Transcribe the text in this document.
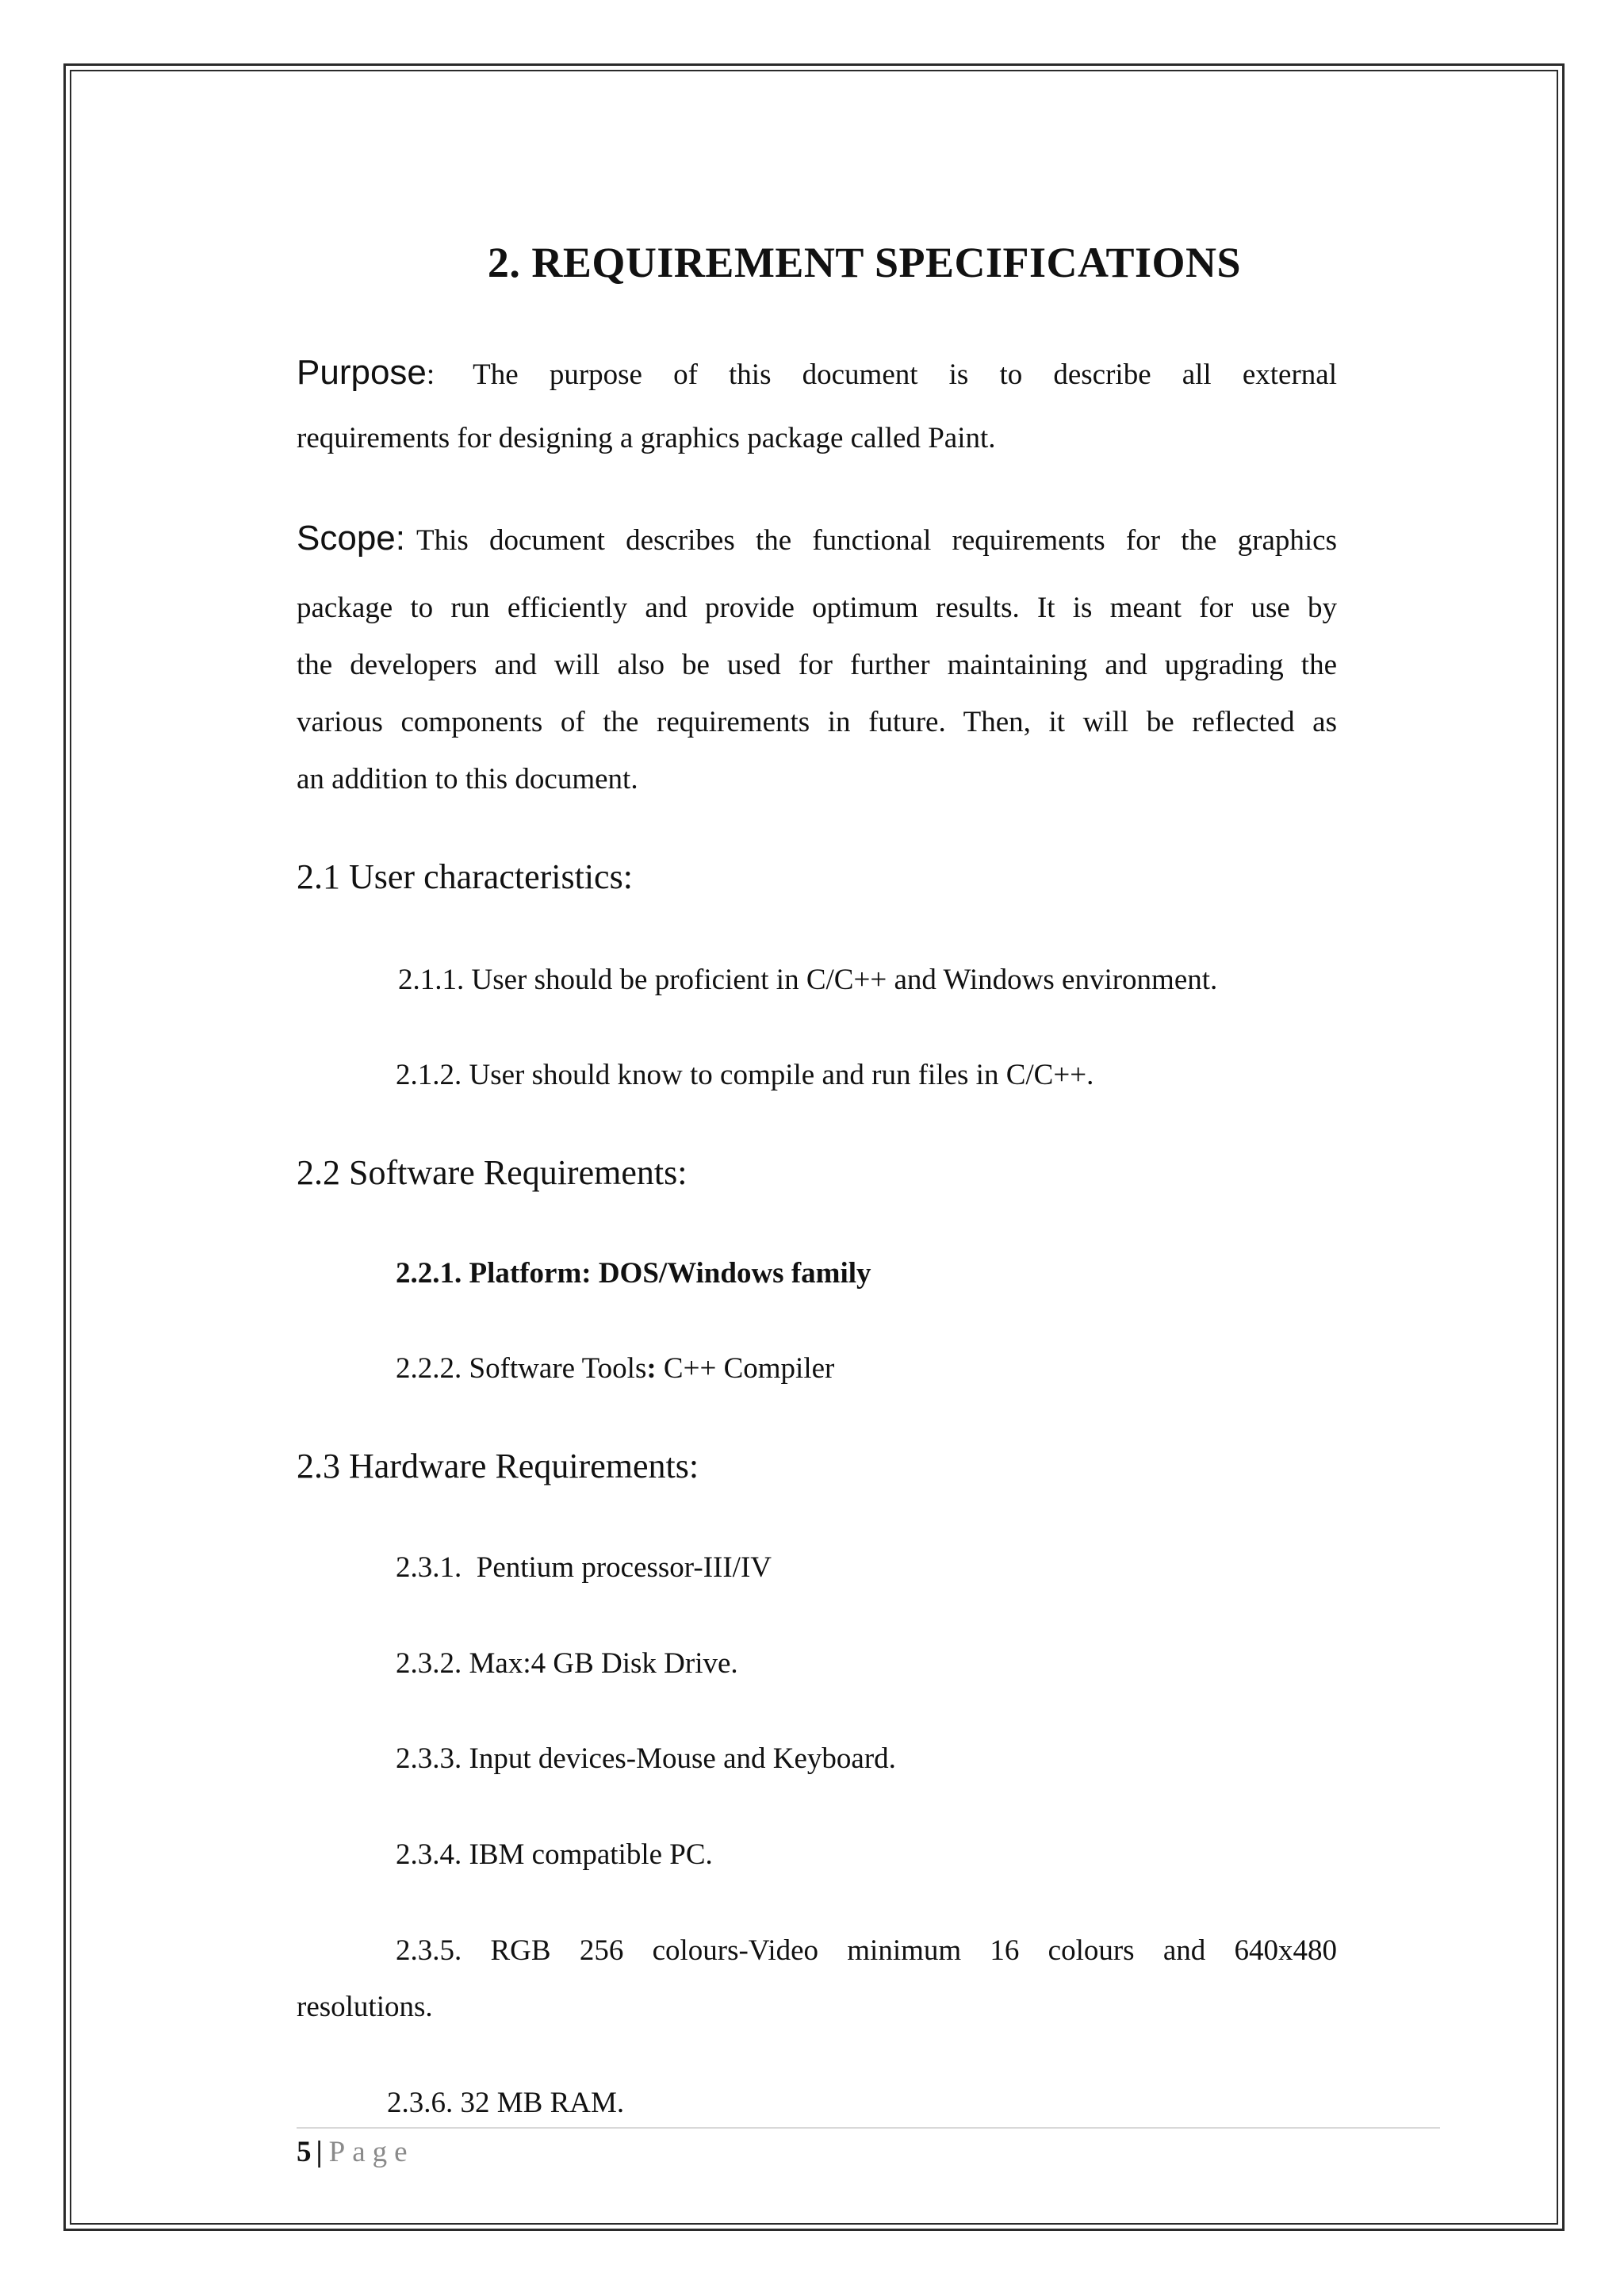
2. REQUIREMENT SPECIFICATIONS
Purpose : The purpose of this document is to describe all external
requirements for designing a graphics package called Paint.
Scope : This document describes the functional requirements for the graphics
package to run efficiently and provide optimum results. It is meant for use by
the developers and will also be used for further maintaining and upgrading the
various components of the requirements in future. Then, it will be reflected as
an addition to this document.
2.1 User characteristics:
2.1.1. User should be proficient in C/C++ and Windows environment.
2.1.2. User should know to compile and run files in C/C++.
2.2 Software Requirements:
2.2.1. Platform: DOS/Windows family
2.2.2. Software Tools: C++ Compiler
2.3 Hardware Requirements:
2.3.1.  Pentium processor-III/IV
2.3.2. Max:4 GB Disk Drive.
2.3.3. Input devices-Mouse and Keyboard.
2.3.4. IBM compatible PC.
2.3.5. RGB 256 colours-Video minimum 16 colours and 640x480
resolutions.
2.3.6. 32 MB RAM.
5 | Page
